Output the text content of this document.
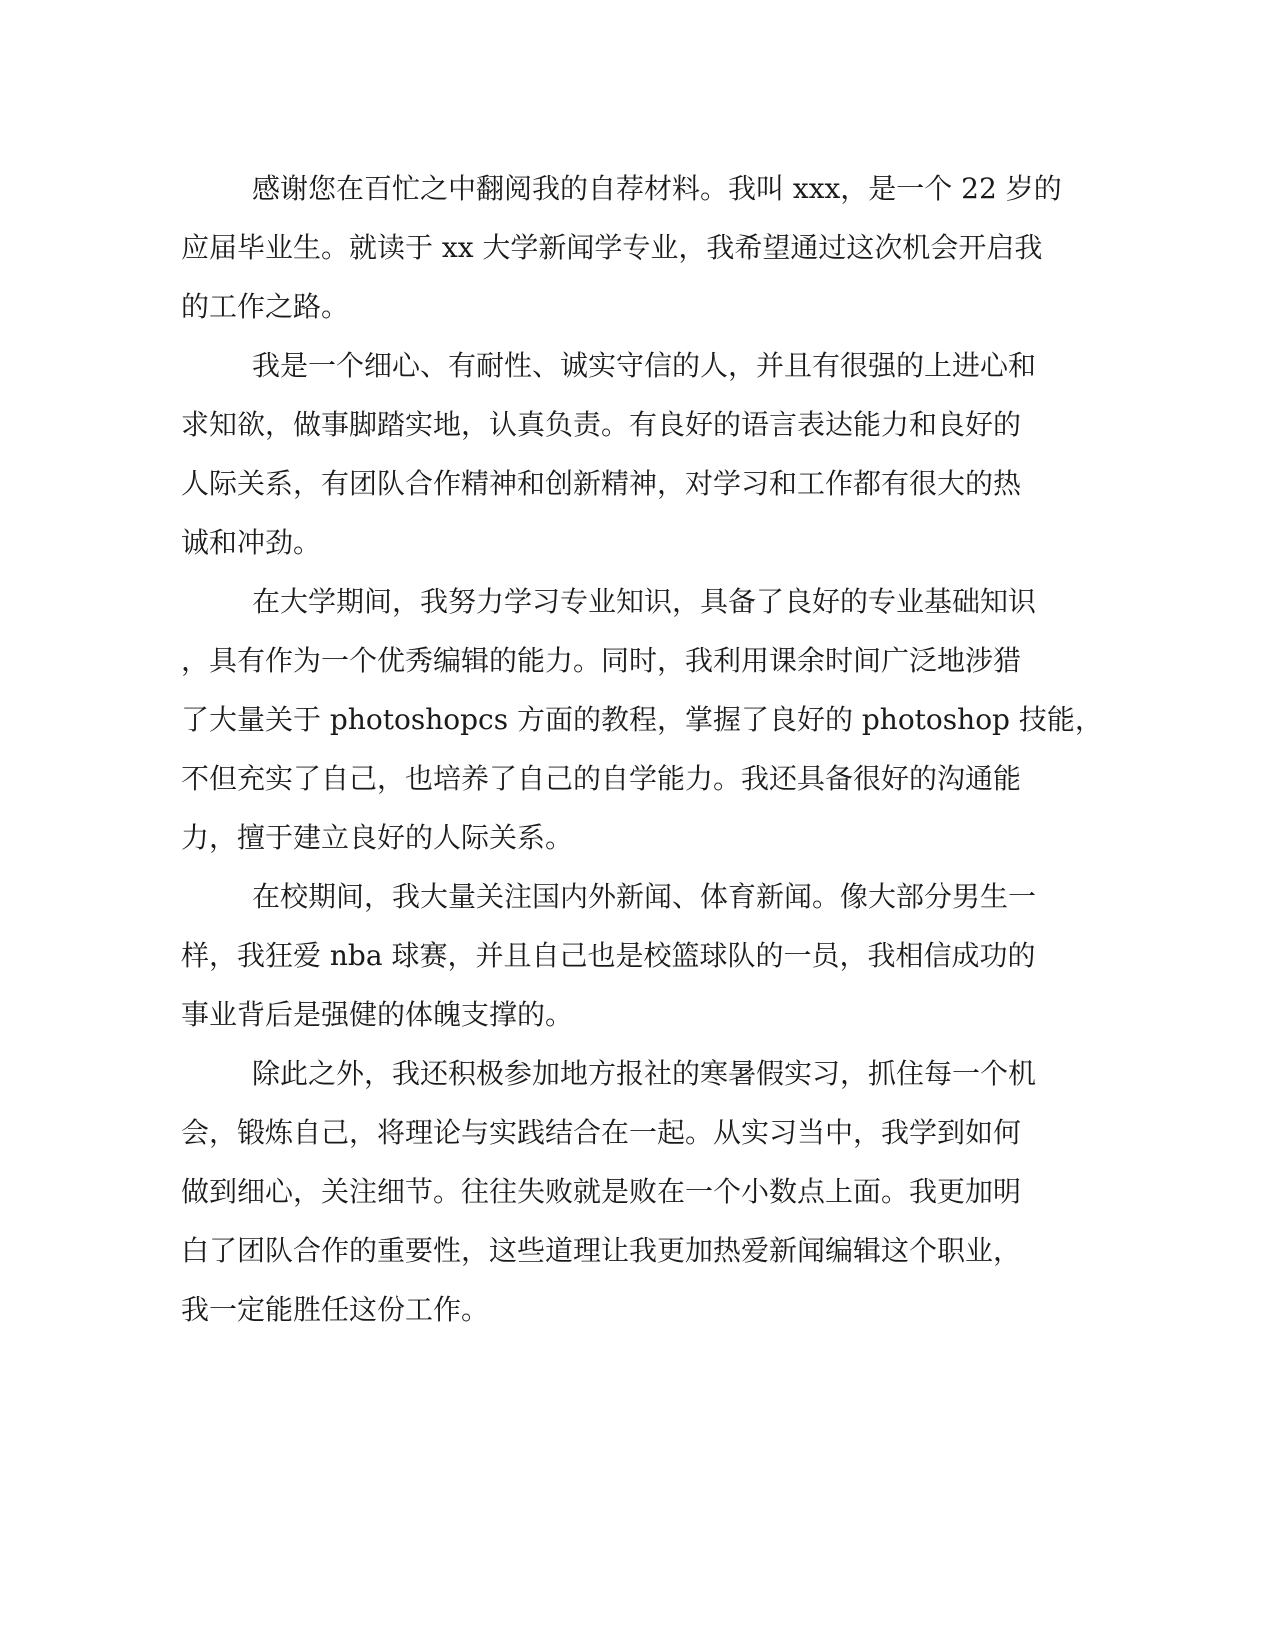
感谢您在百忙之中翻阅我的自荐材料。我叫 xxx，是一个 22 岁的
应届毕业生。就读于 xx 大学新闻学专业，我希望通过这次机会开启我
的工作之路。
我是一个细心、有耐性、诚实守信的人，并且有很强的上进心和
求知欲，做事脚踏实地，认真负责。有良好的语言表达能力和良好的
人际关系，有团队合作精神和创新精神，对学习和工作都有很大的热
诚和冲劲。
在大学期间，我努力学习专业知识，具备了良好的专业基础知识
，具有作为一个优秀编辑的能力。同时，我利用课余时间广泛地涉猎
了大量关于 photoshopcs 方面的教程，掌握了良好的 photoshop 技能，
不但充实了自己，也培养了自己的自学能力。我还具备很好的沟通能
力，擅于建立良好的人际关系。
在校期间，我大量关注国内外新闻、体育新闻。像大部分男生一
样，我狂爱 nba 球赛，并且自己也是校篮球队的一员，我相信成功的
事业背后是强健的体魄支撑的。
除此之外，我还积极参加地方报社的寒暑假实习，抓住每一个机
会，锻炼自己，将理论与实践结合在一起。从实习当中，我学到如何
做到细心，关注细节。往往失败就是败在一个小数点上面。我更加明
白了团队合作的重要性，这些道理让我更加热爱新闻编辑这个职业，
我一定能胜任这份工作。
